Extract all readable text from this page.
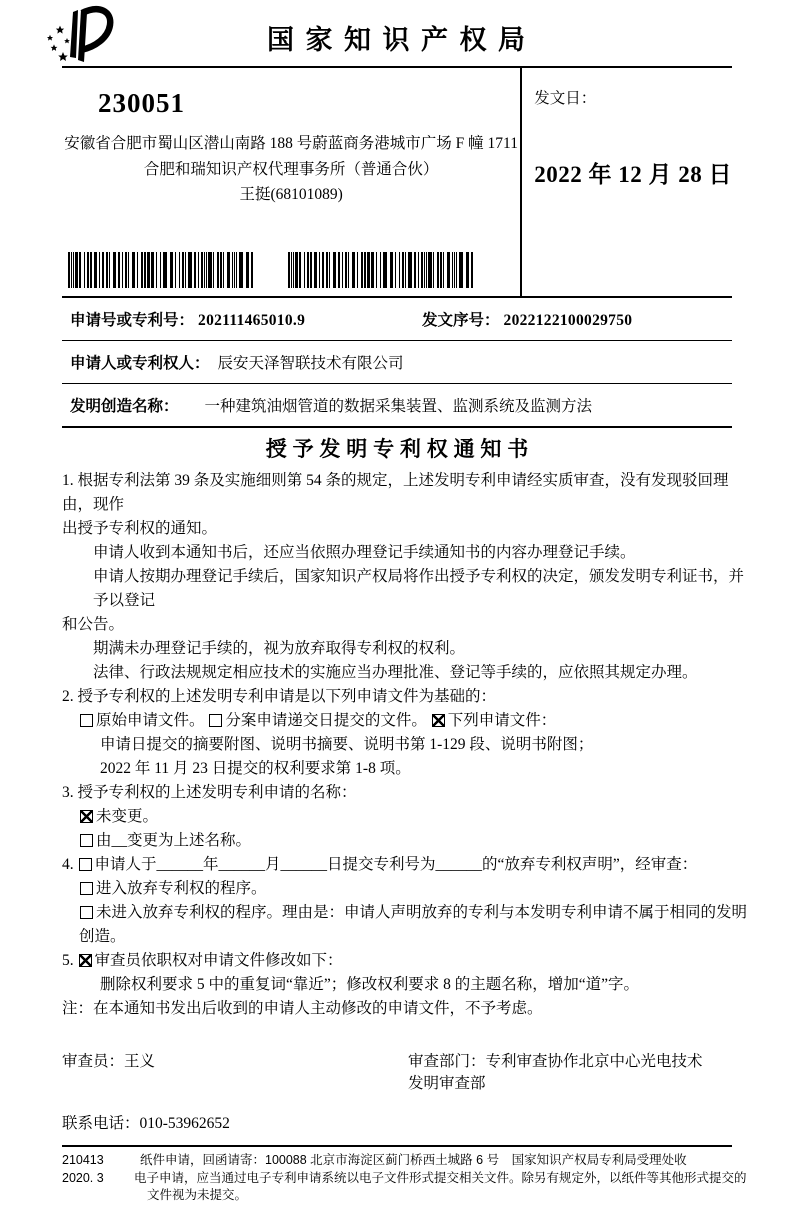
国 家 知 识 产 权 局
230051
安徽省合肥市蜀山区潜山南路 188 号蔚蓝商务港城市广场 F 幢 1711
合肥和瑞知识产权代理事务所（普通合伙）
王挺(68101089)
发文日：
2022 年 12 月 28 日
申请号或专利号： 202111465010.9	发文序号： 2022122100029750
申请人或专利权人： 辰安天泽智联技术有限公司
发明创造名称： 一种建筑油烟管道的数据采集装置、监测系统及监测方法
授 予 发 明 专 利 权 通 知 书
1. 根据专利法第 39 条及实施细则第 54 条的规定，上述发明专利申请经实质审查，没有发现驳回理由，现作
出授予专利权的通知。
申请人收到本通知书后，还应当依照办理登记手续通知书的内容办理登记手续。
申请人按期办理登记手续后，国家知识产权局将作出授予专利权的决定，颁发发明专利证书，并予以登记
和公告。
期满未办理登记手续的，视为放弃取得专利权的权利。
法律、行政法规规定相应技术的实施应当办理批准、登记等手续的，应依照其规定办理。
2. 授予专利权的上述发明专利申请是以下列申请文件为基础的：
原始申请文件。 分案申请递交日提交的文件。 下列申请文件：
申请日提交的摘要附图、说明书摘要、说明书第 1-129 段、说明书附图；
2022 年 11 月 23 日提交的权利要求第 1-8 项。
3. 授予专利权的上述发明专利申请的名称：
未变更。
由__变更为上述名称。
4. 申请人于______年______月______日提交专利号为______的“放弃专利权声明”，经审查：
进入放弃专利权的程序。
未进入放弃专利权的程序。理由是：申请人声明放弃的专利与本发明专利申请不属于相同的发明创造。
5. 审查员依职权对申请文件修改如下：
删除权利要求 5 中的重复词“靠近”；修改权利要求 8 的主题名称，增加“道”字。
注：在本通知书发出后收到的申请人主动修改的申请文件，不予考虑。
审查员：王义	审查部门：专利审查协作北京中心光电技术
发明审查部
联系电话：010-53962652
210413
2020. 3
纸件申请，回函请寄：100088 北京市海淀区蓟门桥西土城路 6 号　国家知识产权局专利局受理处收
电子申请，应当通过电子专利申请系统以电子文件形式提交相关文件。除另有规定外，以纸件等其他形式提交的
文件视为未提交。
